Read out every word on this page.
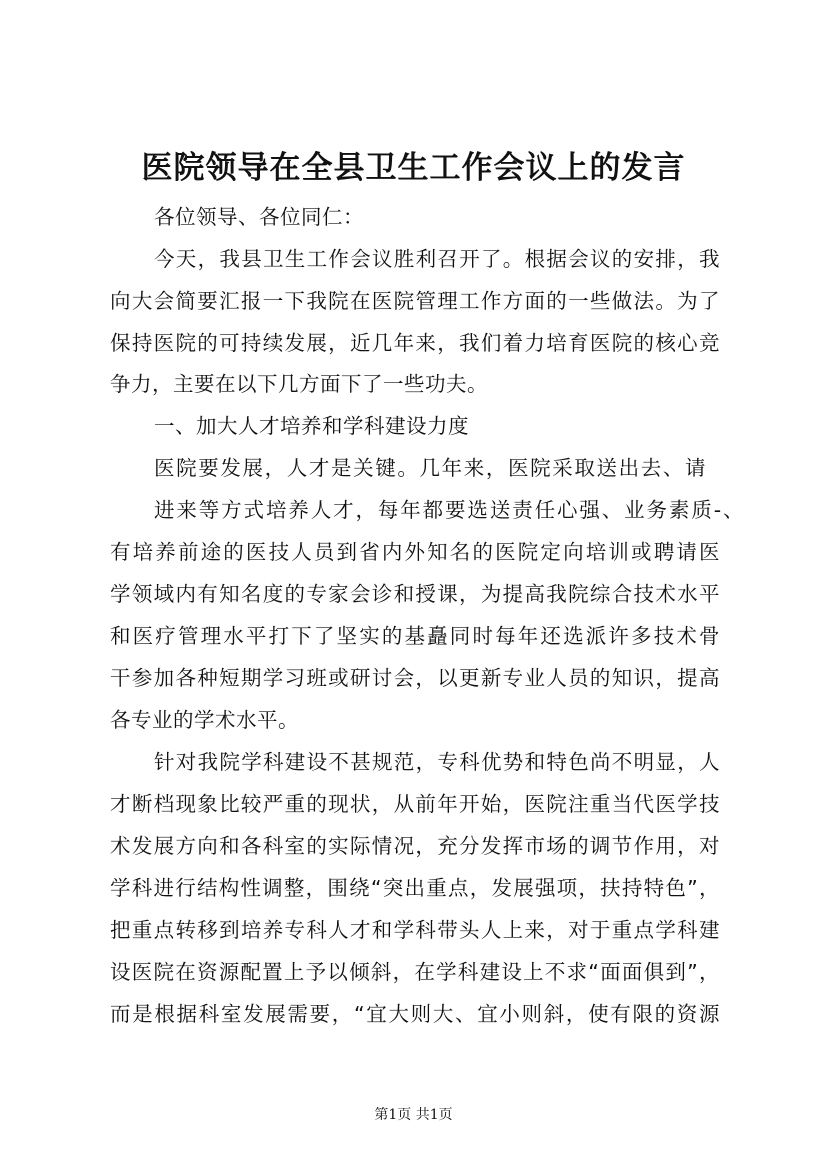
医院领导在全县卫生工作会议上的发言
各位领导、各位同仁：
今天，我县卫生工作会议胜利召开了。根据会议的安排，我
向大会简要汇报一下我院在医院管理工作方面的一些做法。为了
保持医院的可持续发展，近几年来，我们着力培育医院的核心竞
争力，主要在以下几方面下了一些功夫。
一、加大人才培养和学科建设力度
医院要发展，人才是关键。几年来，医院采取送出去、请
进来等方式培养人才，每年都要选送责任心强、业务素质-、
有培养前途的医技人员到省内外知名的医院定向培训或聘请医
学领域内有知名度的专家会诊和授课，为提高我院综合技术水平
和医疗管理水平打下了坚实的基矗同时每年还选派许多技术骨
干参加各种短期学习班或研讨会，以更新专业人员的知识，提高
各专业的学术水平。
针对我院学科建设不甚规范，专科优势和特色尚不明显，人
才断档现象比较严重的现状，从前年开始，医院注重当代医学技
术发展方向和各科室的实际情况，充分发挥市场的调节作用，对
学科进行结构性调整，围绕“突出重点，发展强项，扶持特色”，
把重点转移到培养专科人才和学科带头人上来，对于重点学科建
设医院在资源配置上予以倾斜，在学科建设上不求“面面俱到”，
而是根据科室发展需要，“宜大则大、宜小则斜，使有限的资源
第1页 共1页
